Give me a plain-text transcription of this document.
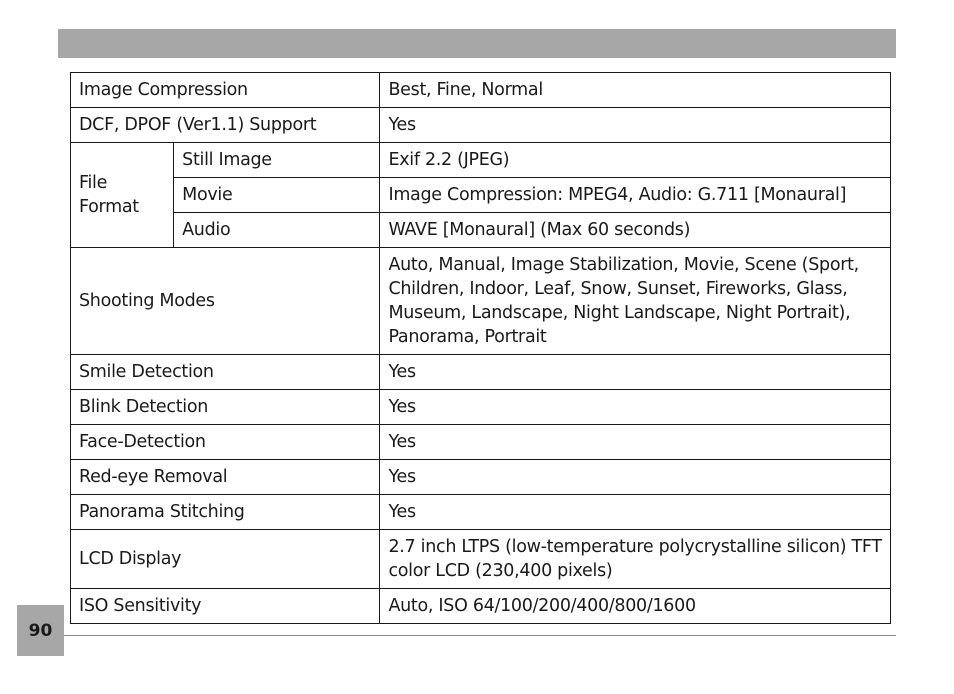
Image Compression		Best, Fine, Normal
DCF, DPOF (Ver1.1) Support		Yes
File Format	Still Image	Exif 2.2 (JPEG)
	Movie	Image Compression: MPEG4, Audio: G.711 [Monaural]
	Audio	WAVE [Monaural] (Max 60 seconds)
Shooting Modes		Auto, Manual, Image Stabilization, Movie, Scene (Sport, Children, Indoor, Leaf, Snow, Sunset, Fireworks, Glass, Museum, Landscape, Night Landscape, Night Portrait), Panorama, Portrait
Smile Detection		Yes
Blink Detection		Yes
Face-Detection		Yes
Red-eye Removal		Yes
Panorama Stitching		Yes
LCD Display		2.7 inch LTPS (low-temperature polycrystalline silicon) TFT color LCD (230,400 pixels)
ISO Sensitivity		Auto, ISO 64/100/200/400/800/1600
90
